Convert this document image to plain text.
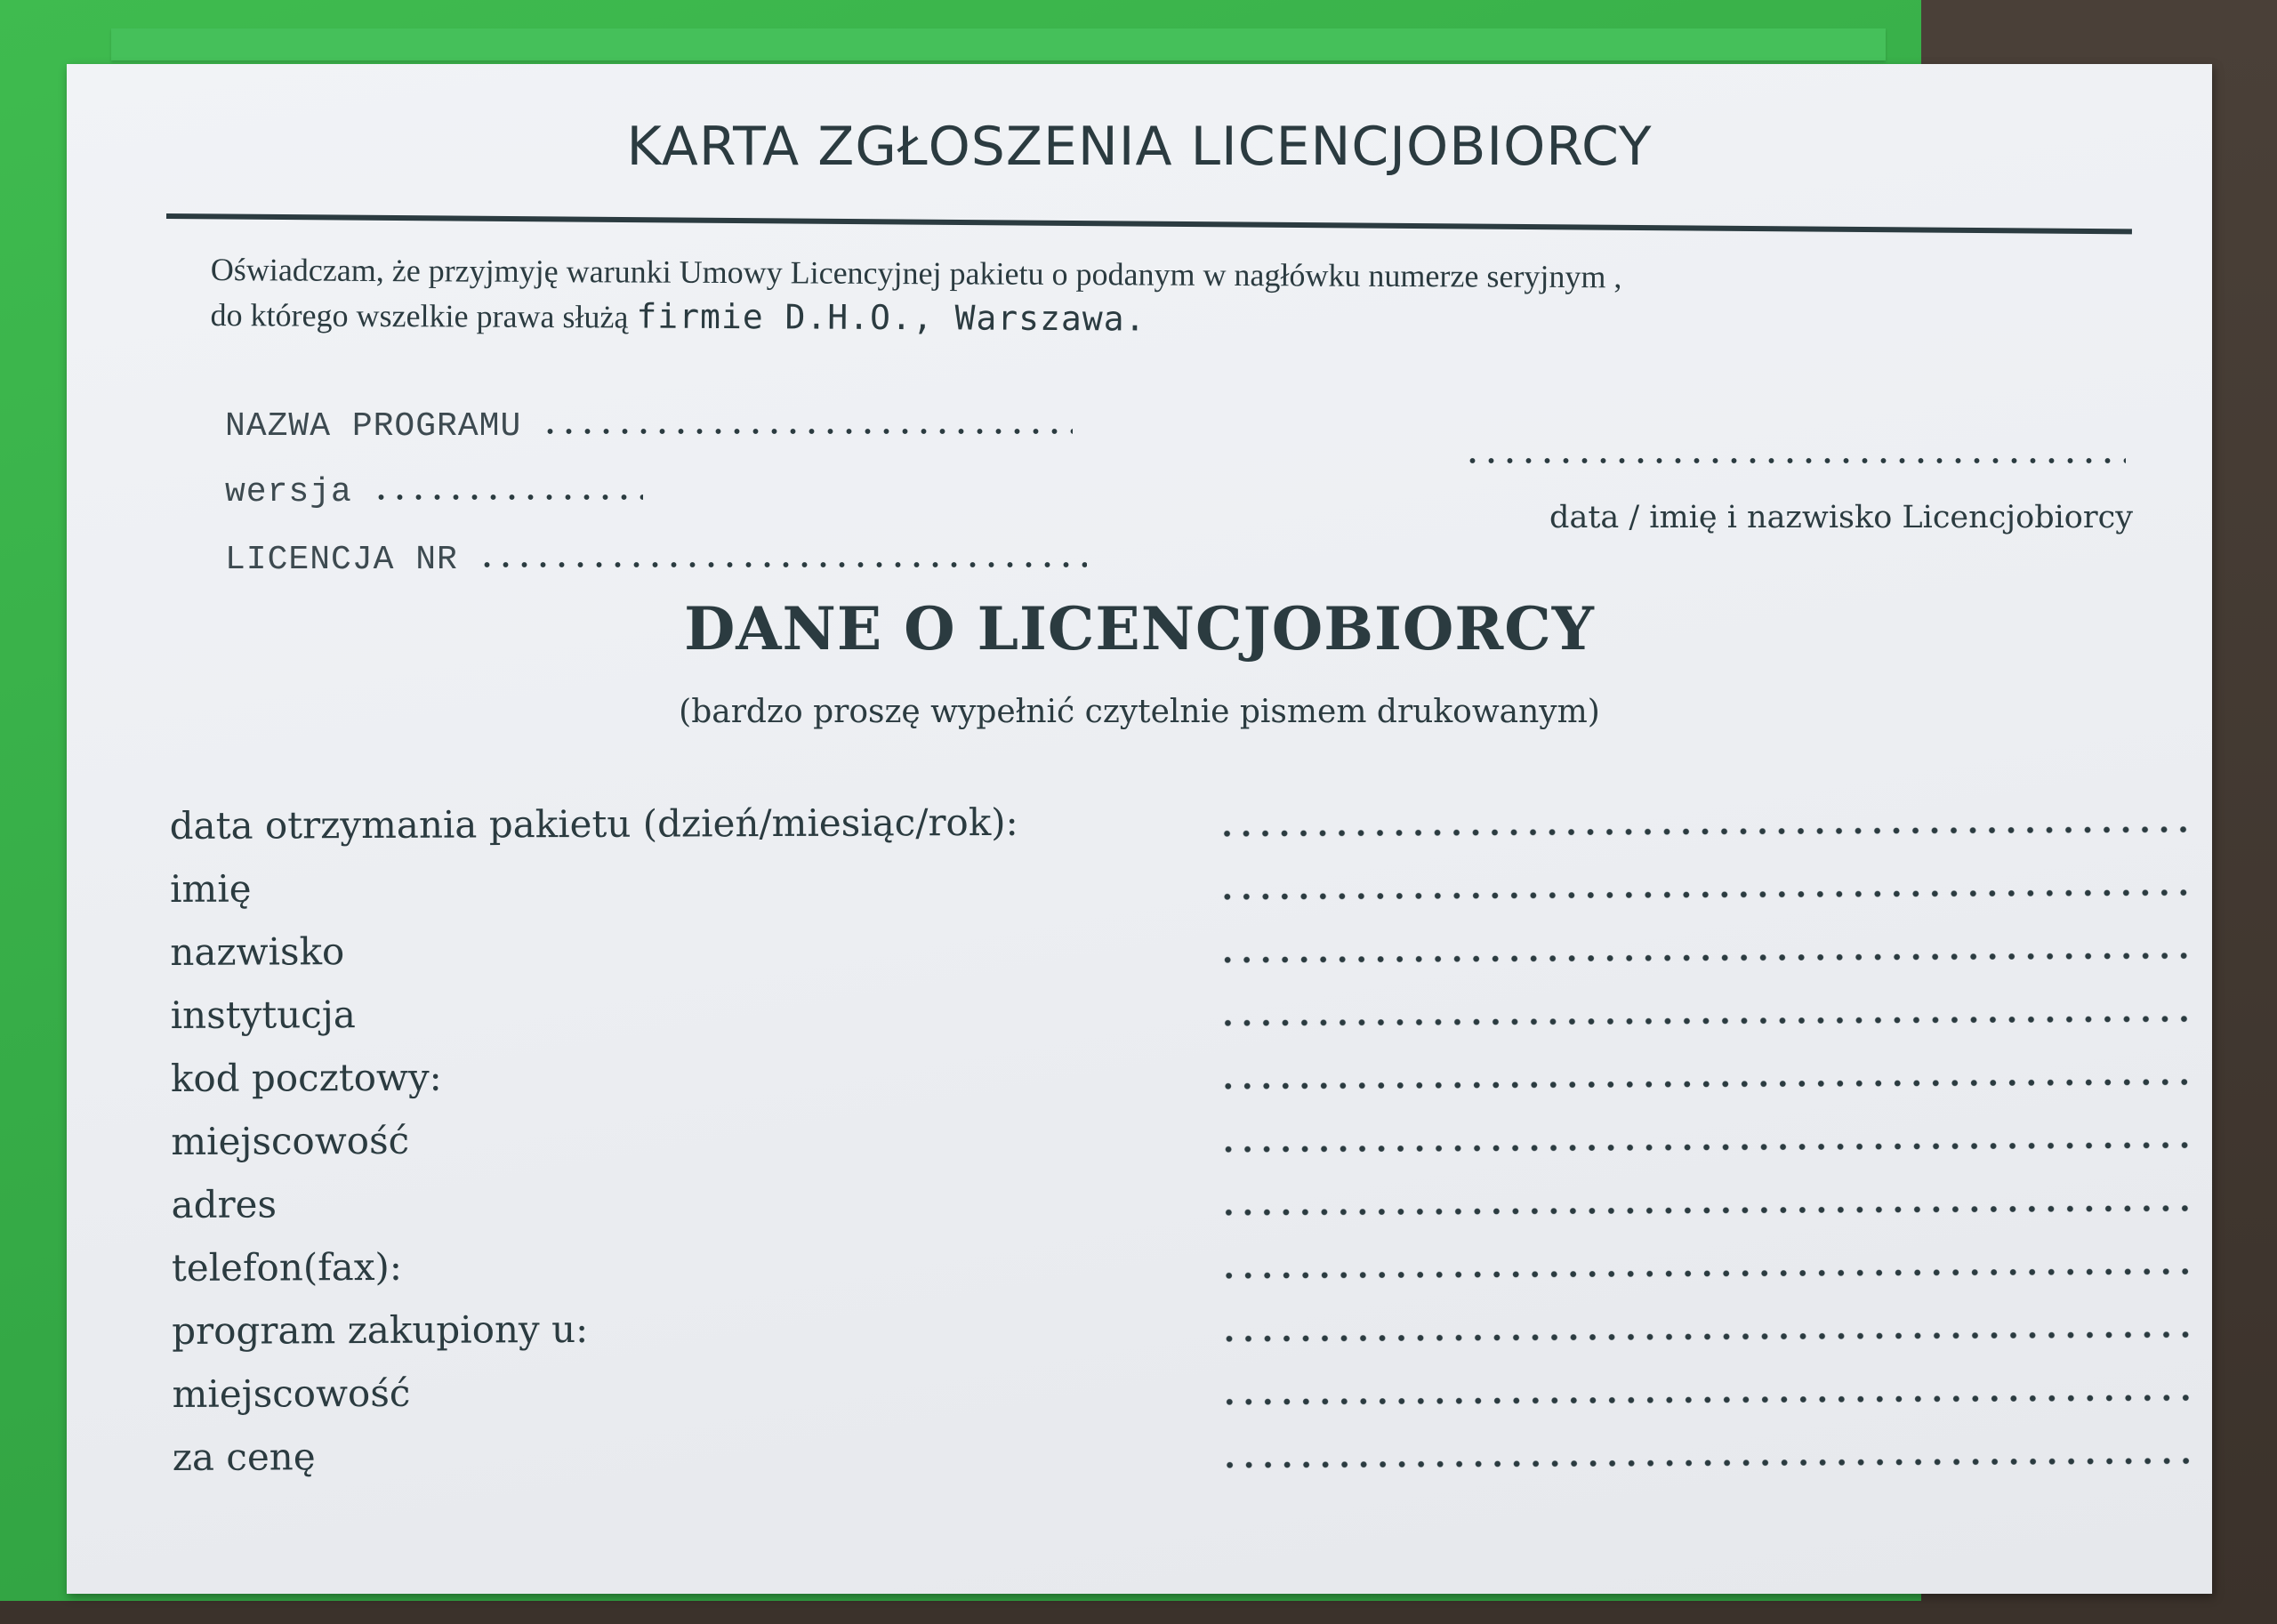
KARTA ZGŁOSZENIA LICENCJOBIORCY
Oświadczam, że przyjmyję warunki Umowy Licencyjnej pakietu o podanym w nagłówku numerze seryjnym ,
do którego wszelkie prawa służą firmie D.H.O., Warszawa.
NAZWA PROGRAMU
wersja
LICENCJA NR
data / imię i nazwisko Licencjobiorcy
DANE O LICENCJOBIORCY
(bardzo proszę wypełnić czytelnie pismem drukowanym)
data otrzymania pakietu (dzień/miesiąc/rok):
imię
nazwisko
instytucja
kod pocztowy:
miejscowość
adres
telefon(fax):
program zakupiony u:
miejscowość
za cenę
